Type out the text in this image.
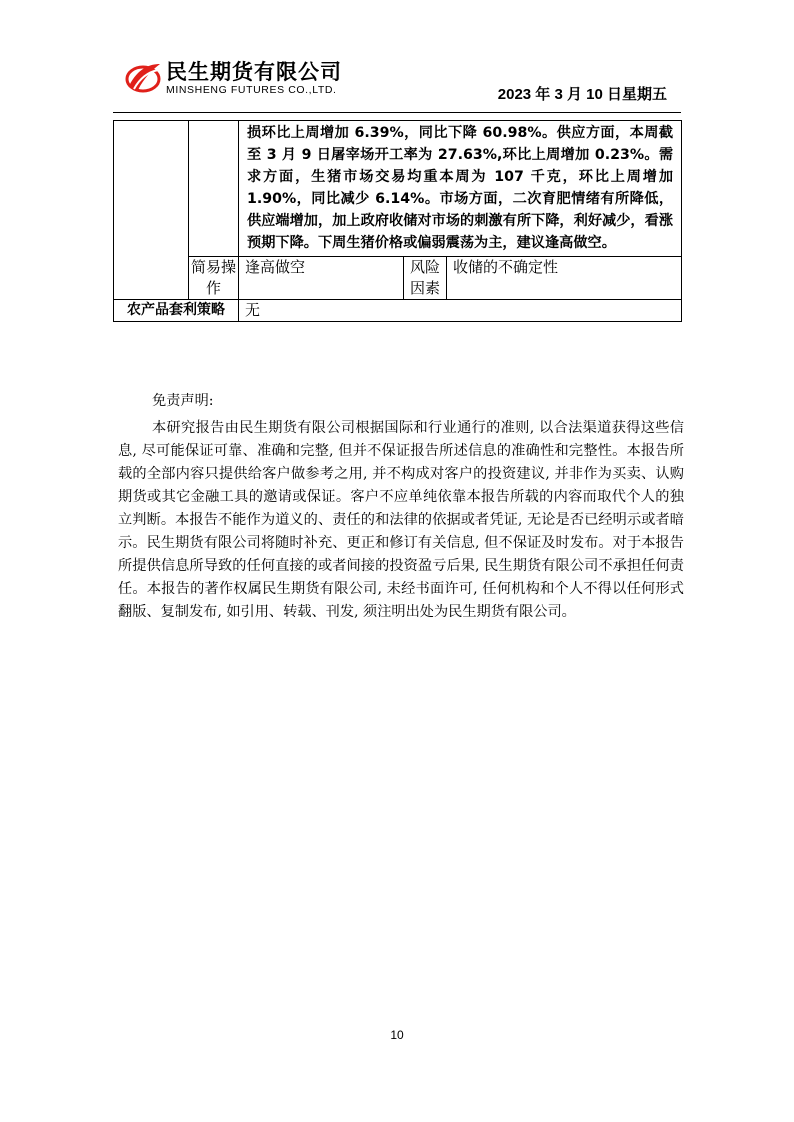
民生期货有限公司
MINSHENG FUTURES CO.,LTD.	2023 年 3 月 10 日星期五
		损环比上周增加 6.39%，同比下降 60.98%。供应方面，本周截至 3 月 9 日屠宰场开工率为 27.63%,环比上周增加 0.23%。需求方面，生猪市场交易均重本周为 107 千克，环比上周增加 1.90%，同比减少 6.14%。市场方面，二次育肥情绪有所降低，供应端增加，加上政府收储对市场的刺激有所下降，利好减少，看涨预期下降。下周生猪价格或偏弱震荡为主，建议逢高做空。		
	简易操作	逢高做空	风险因素	收储的不确定性
农产品套利策略		无		
免责声明:

本研究报告由民生期货有限公司根据国际和行业通行的准则, 以合法渠道获得这些信息, 尽可能保证可靠、准确和完整, 但并不保证报告所述信息的准确性和完整性。本报告所载的全部内容只提供给客户做参考之用, 并不构成对客户的投资建议, 并非作为买卖、认购期货或其它金融工具的邀请或保证。客户不应单纯依靠本报告所载的内容而取代个人的独立判断。本报告不能作为道义的、责任的和法律的依据或者凭证, 无论是否已经明示或者暗示。民生期货有限公司将随时补充、更正和修订有关信息, 但不保证及时发布。对于本报告所提供信息所导致的任何直接的或者间接的投资盈亏后果, 民生期货有限公司不承担任何责任。本报告的著作权属民生期货有限公司, 未经书面许可, 任何机构和个人不得以任何形式翻版、复制发布, 如引用、转载、刊发, 须注明出处为民生期货有限公司。

10
